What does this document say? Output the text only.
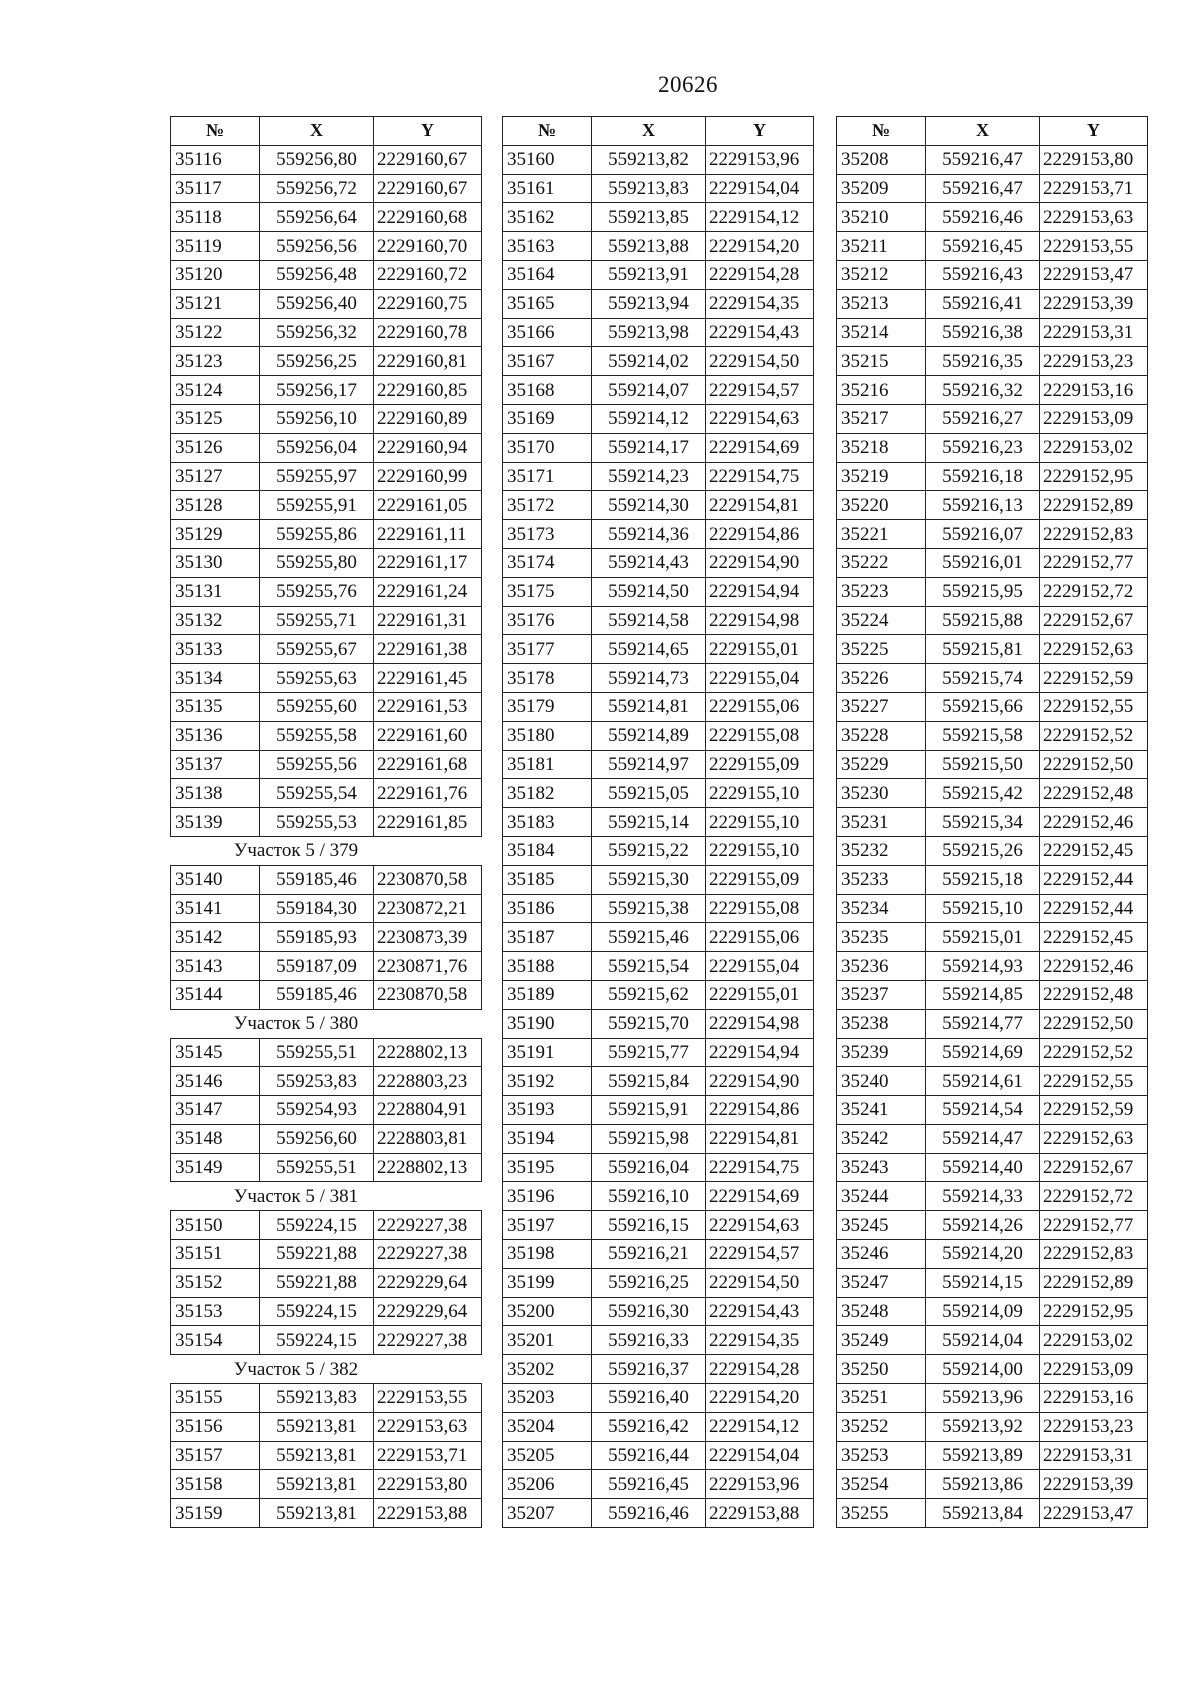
20626
№	X	Y
35116	559256,80	2229160,67
35117	559256,72	2229160,67
35118	559256,64	2229160,68
35119	559256,56	2229160,70
35120	559256,48	2229160,72
35121	559256,40	2229160,75
35122	559256,32	2229160,78
35123	559256,25	2229160,81
35124	559256,17	2229160,85
35125	559256,10	2229160,89
35126	559256,04	2229160,94
35127	559255,97	2229160,99
35128	559255,91	2229161,05
35129	559255,86	2229161,11
35130	559255,80	2229161,17
35131	559255,76	2229161,24
35132	559255,71	2229161,31
35133	559255,67	2229161,38
35134	559255,63	2229161,45
35135	559255,60	2229161,53
35136	559255,58	2229161,60
35137	559255,56	2229161,68
35138	559255,54	2229161,76
35139	559255,53	2229161,85
Участок 5 / 379		
35140	559185,46	2230870,58
35141	559184,30	2230872,21
35142	559185,93	2230873,39
35143	559187,09	2230871,76
35144	559185,46	2230870,58
Участок 5 / 380		
35145	559255,51	2228802,13
35146	559253,83	2228803,23
35147	559254,93	2228804,91
35148	559256,60	2228803,81
35149	559255,51	2228802,13
Участок 5 / 381		
35150	559224,15	2229227,38
35151	559221,88	2229227,38
35152	559221,88	2229229,64
35153	559224,15	2229229,64
35154	559224,15	2229227,38
Участок 5 / 382		
35155	559213,83	2229153,55
35156	559213,81	2229153,63
35157	559213,81	2229153,71
35158	559213,81	2229153,80
35159	559213,81	2229153,88
№	X	Y
35160	559213,82	2229153,96
35161	559213,83	2229154,04
35162	559213,85	2229154,12
35163	559213,88	2229154,20
35164	559213,91	2229154,28
35165	559213,94	2229154,35
35166	559213,98	2229154,43
35167	559214,02	2229154,50
35168	559214,07	2229154,57
35169	559214,12	2229154,63
35170	559214,17	2229154,69
35171	559214,23	2229154,75
35172	559214,30	2229154,81
35173	559214,36	2229154,86
35174	559214,43	2229154,90
35175	559214,50	2229154,94
35176	559214,58	2229154,98
35177	559214,65	2229155,01
35178	559214,73	2229155,04
35179	559214,81	2229155,06
35180	559214,89	2229155,08
35181	559214,97	2229155,09
35182	559215,05	2229155,10
35183	559215,14	2229155,10
35184	559215,22	2229155,10
35185	559215,30	2229155,09
35186	559215,38	2229155,08
35187	559215,46	2229155,06
35188	559215,54	2229155,04
35189	559215,62	2229155,01
35190	559215,70	2229154,98
35191	559215,77	2229154,94
35192	559215,84	2229154,90
35193	559215,91	2229154,86
35194	559215,98	2229154,81
35195	559216,04	2229154,75
35196	559216,10	2229154,69
35197	559216,15	2229154,63
35198	559216,21	2229154,57
35199	559216,25	2229154,50
35200	559216,30	2229154,43
35201	559216,33	2229154,35
35202	559216,37	2229154,28
35203	559216,40	2229154,20
35204	559216,42	2229154,12
35205	559216,44	2229154,04
35206	559216,45	2229153,96
35207	559216,46	2229153,88
№	X	Y
35208	559216,47	2229153,80
35209	559216,47	2229153,71
35210	559216,46	2229153,63
35211	559216,45	2229153,55
35212	559216,43	2229153,47
35213	559216,41	2229153,39
35214	559216,38	2229153,31
35215	559216,35	2229153,23
35216	559216,32	2229153,16
35217	559216,27	2229153,09
35218	559216,23	2229153,02
35219	559216,18	2229152,95
35220	559216,13	2229152,89
35221	559216,07	2229152,83
35222	559216,01	2229152,77
35223	559215,95	2229152,72
35224	559215,88	2229152,67
35225	559215,81	2229152,63
35226	559215,74	2229152,59
35227	559215,66	2229152,55
35228	559215,58	2229152,52
35229	559215,50	2229152,50
35230	559215,42	2229152,48
35231	559215,34	2229152,46
35232	559215,26	2229152,45
35233	559215,18	2229152,44
35234	559215,10	2229152,44
35235	559215,01	2229152,45
35236	559214,93	2229152,46
35237	559214,85	2229152,48
35238	559214,77	2229152,50
35239	559214,69	2229152,52
35240	559214,61	2229152,55
35241	559214,54	2229152,59
35242	559214,47	2229152,63
35243	559214,40	2229152,67
35244	559214,33	2229152,72
35245	559214,26	2229152,77
35246	559214,20	2229152,83
35247	559214,15	2229152,89
35248	559214,09	2229152,95
35249	559214,04	2229153,02
35250	559214,00	2229153,09
35251	559213,96	2229153,16
35252	559213,92	2229153,23
35253	559213,89	2229153,31
35254	559213,86	2229153,39
35255	559213,84	2229153,47
